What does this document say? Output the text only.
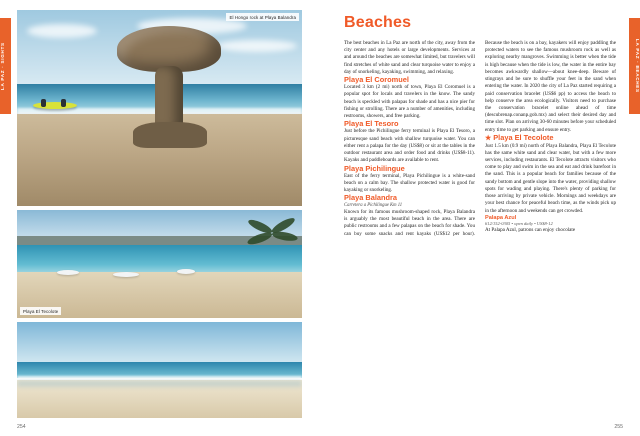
LA PAZ · SIGHTS
El Hongo rock at Playa Balandra
Playa El Tecolote
254
LA PAZ · BEACHES
Beaches

The best beaches in La Paz are north of the city, away from the city center and any hotels or large developments. Services at and around the beaches are somewhat limited, but travelers will find stretches of white sand and clear turquoise water to enjoy a day of snorkeling, kayaking, swimming, and relaxing.

Playa El Coromuel

Located 3 km (2 mi) north of town, Playa El Coromuel is a popular spot for locals and travelers in the know. The sandy beach is speckled with palapas for shade and has a nice pier for fishing or strolling. There are a number of amenities, including restrooms, showers, and free parking.

Playa El Tesoro

Just before the Pichilingue ferry terminal is Playa El Tesoro, a picturesque sand beach with shallow turquoise water. You can either rent a palapa for the day (US$8) or sit at the tables in the outdoor restaurant area and order food and drinks (US$8-11). Kayaks and paddleboards are available to rent.

Playa Pichilingue

East of the ferry terminal, Playa Pichilingue is a white-sand beach on a calm bay. The shallow protected water is good for kayaking or snorkeling.

Playa Balandra
Carretera a Pichilingue Km 11

Known for its famous mushroom-shaped rock, Playa Balandra is arguably the most beautiful beach in the area. There are public restrooms and a few palapas on the beach for shade. You can buy some snacks and rent kayaks (US$12 per hour). Because the beach is on a bay, kayakers will enjoy paddling the protected waters to see the famous mushroom rock as well as exploring nearby mangroves. Swimming is better when the tide is high because when the tide is low, the water in the entire bay becomes awkwardly shallow—about knee-deep. Beware of stingrays and be sure to shuffle your feet in the sand when entering the water. In 2020 the city of La Paz started requiring a paid conservation bracelet (US$6 pp) to access the beach to help conserve the area ecologically. Visitors need to purchase the conservation bracelet online ahead of time (descubrenap.conanp.gob.mx) and select their desired day and time slot. Plan on arriving 30-60 minutes before your scheduled entry time to get parking and ensure entry.

★ Playa El Tecolote

Just 1.5 km (0.9 mi) north of Playa Balandra, Playa El Tecolote has the same white sand and clear water, but with a few more services, including restaurants. El Tecolote attracts visitors who come to play and swim in the sea and eat and drink barefoot in the sand. This is a popular beach for families because of the sandy bottom and gentle slope into the water, providing shallow spots for wading and playing. There's plenty of parking for those arriving by private vehicle. Mornings and weekdays are your best chance for peaceful beach time, as the winds pick up in the afternoon and weekends can get crowded.

Palapa Azul
612/152-0305 • open daily • US$8-12

At Palapa Azul, patrons can enjoy chocolate

255
